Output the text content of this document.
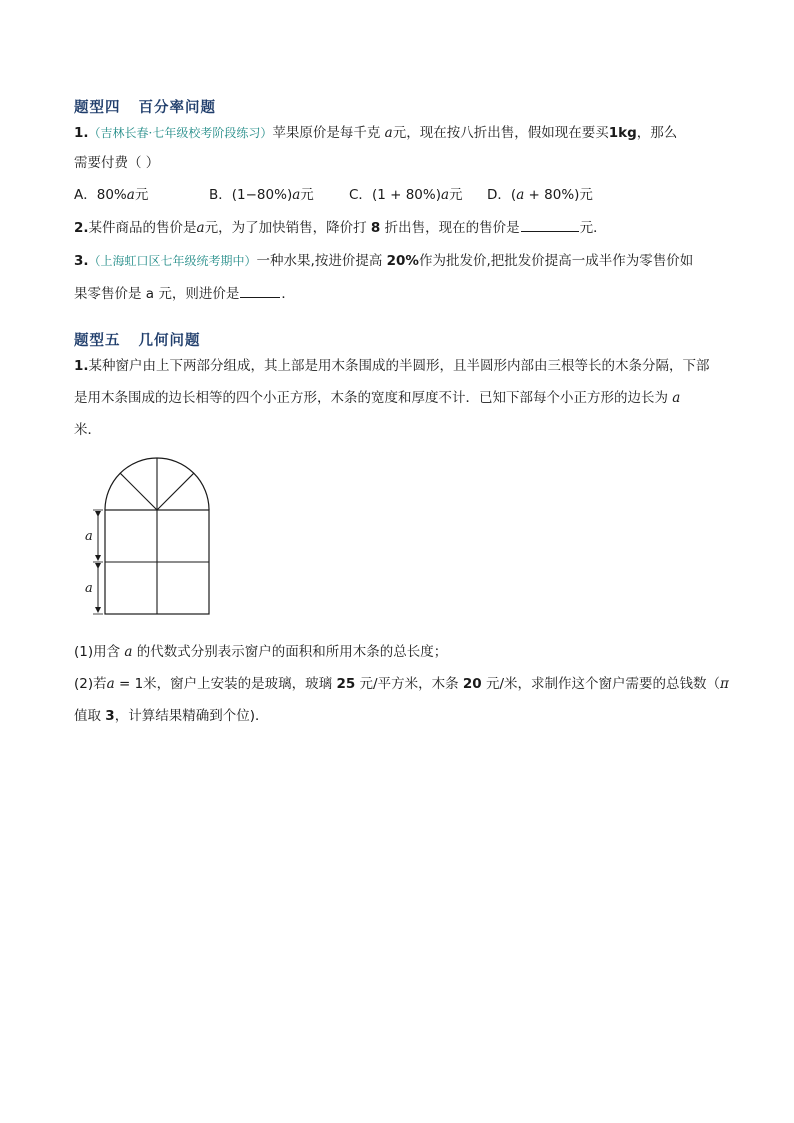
题型四 百分率问题
1.（吉林长春·七年级校考阶段练习）苹果原价是每千克 a元，现在按八折出售，假如现在要买1kg，那么
需要付费（ ）
A．80%a元	B．(1−80%)a元	C．(1 + 80%)a元 D．(a + 80%)元
2.某件商品的售价是a元，为了加快销售，降价打 8 折出售，现在的售价是	元．
3.（上海虹口区七年级统考期中）一种水果,按进价提高 20%作为批发价,把批发价提高一成半作为零售价如
果零售价是 a 元，则进价是	．
题型五 几何问题
1.某种窗户由上下两部分组成，其上部是用木条围成的半圆形，且半圆形内部由三根等长的木条分隔，下部
是用木条围成的边长相等的四个小正方形，木条的宽度和厚度不计．已知下部每个小正方形的边长为 a
米．
a
a
(1)用含 a 的代数式分别表示窗户的面积和所用木条的总长度；
(2)若a = 1米，窗户上安装的是玻璃，玻璃 25 元/平方米，木条 20 元/米，求制作这个窗户需要的总钱数（π
值取 3，计算结果精确到个位)．
